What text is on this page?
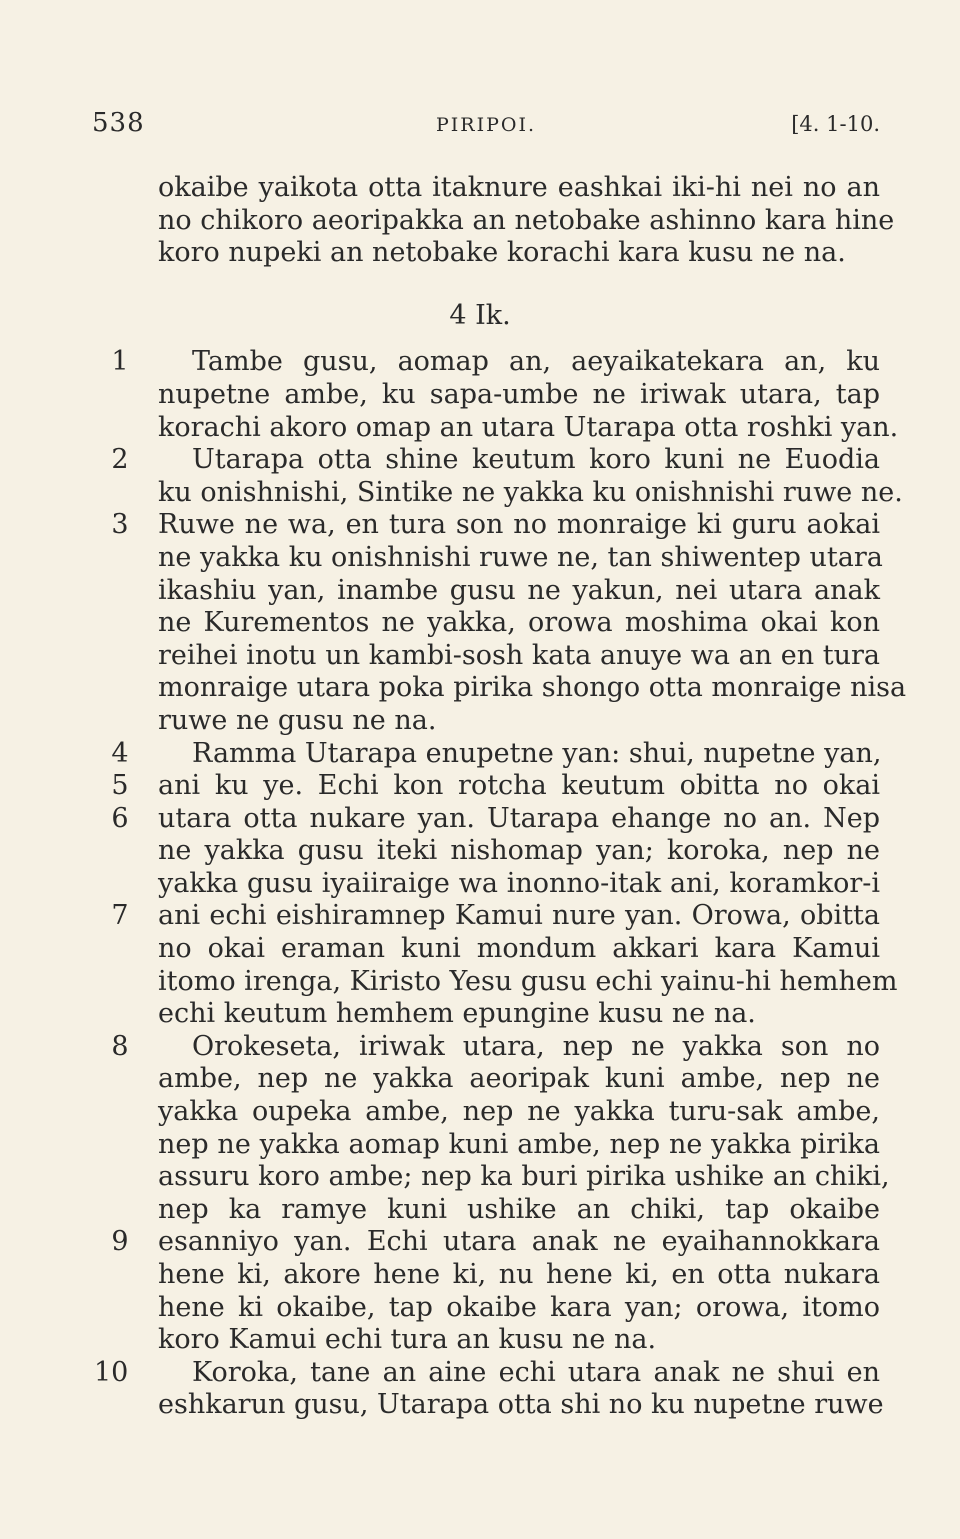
538	PIRIPOI.	[4. 1-10.
okaibe yaikota otta itaknure eashkai iki-hi nei no an
no chikoro aeoripakka an netobake ashinno kara hine
koro nupeki an netobake korachi kara kusu ne na.
4 Ik.
1	Tambe gusu, aomap an, aeyaikatekara an, ku
nupetne ambe, ku sapa-umbe ne iriwak utara, tap
korachi akoro omap an utara Utarapa otta roshki yan.
2	Utarapa otta shine keutum koro kuni ne Euodia
ku onishnishi, Sintike ne yakka ku onishnishi ruwe ne.
3	Ruwe ne wa, en tura son no monraige ki guru aokai
ne yakka ku onishnishi ruwe ne, tan shiwentep utara
ikashiu yan, inambe gusu ne yakun, nei utara anak
ne Kurementos ne yakka, orowa moshima okai kon
reihei inotu un kambi-sosh kata anuye wa an en tura
monraige utara poka pirika shongo otta monraige nisa
ruwe ne gusu ne na.
4	Ramma Utarapa enupetne yan: shui, nupetne yan,
5	ani ku ye. Echi kon rotcha keutum obitta no okai
6	utara otta nukare yan. Utarapa ehange no an. Nep
ne yakka gusu iteki nishomap yan; koroka, nep ne
yakka gusu iyaiiraige wa inonno-itak ani, koramkor-i
7	ani echi eishiramnep Kamui nure yan. Orowa, obitta
no okai eraman kuni mondum akkari kara Kamui
itomo irenga, Kiristo Yesu gusu echi yainu-hi hemhem
echi keutum hemhem epungine kusu ne na.
8	Orokeseta, iriwak utara, nep ne yakka son no
ambe, nep ne yakka aeoripak kuni ambe, nep ne
yakka oupeka ambe, nep ne yakka turu-sak ambe,
nep ne yakka aomap kuni ambe, nep ne yakka pirika
assuru koro ambe; nep ka buri pirika ushike an chiki,
nep ka ramye kuni ushike an chiki, tap okaibe
9	esanniyo yan. Echi utara anak ne eyaihannokkara
hene ki, akore hene ki, nu hene ki, en otta nukara
hene ki okaibe, tap okaibe kara yan; orowa, itomo
koro Kamui echi tura an kusu ne na.
10 Koroka, tane an aine echi utara anak ne shui en
eshkarun gusu, Utarapa otta shi no ku nupetne ruwe
